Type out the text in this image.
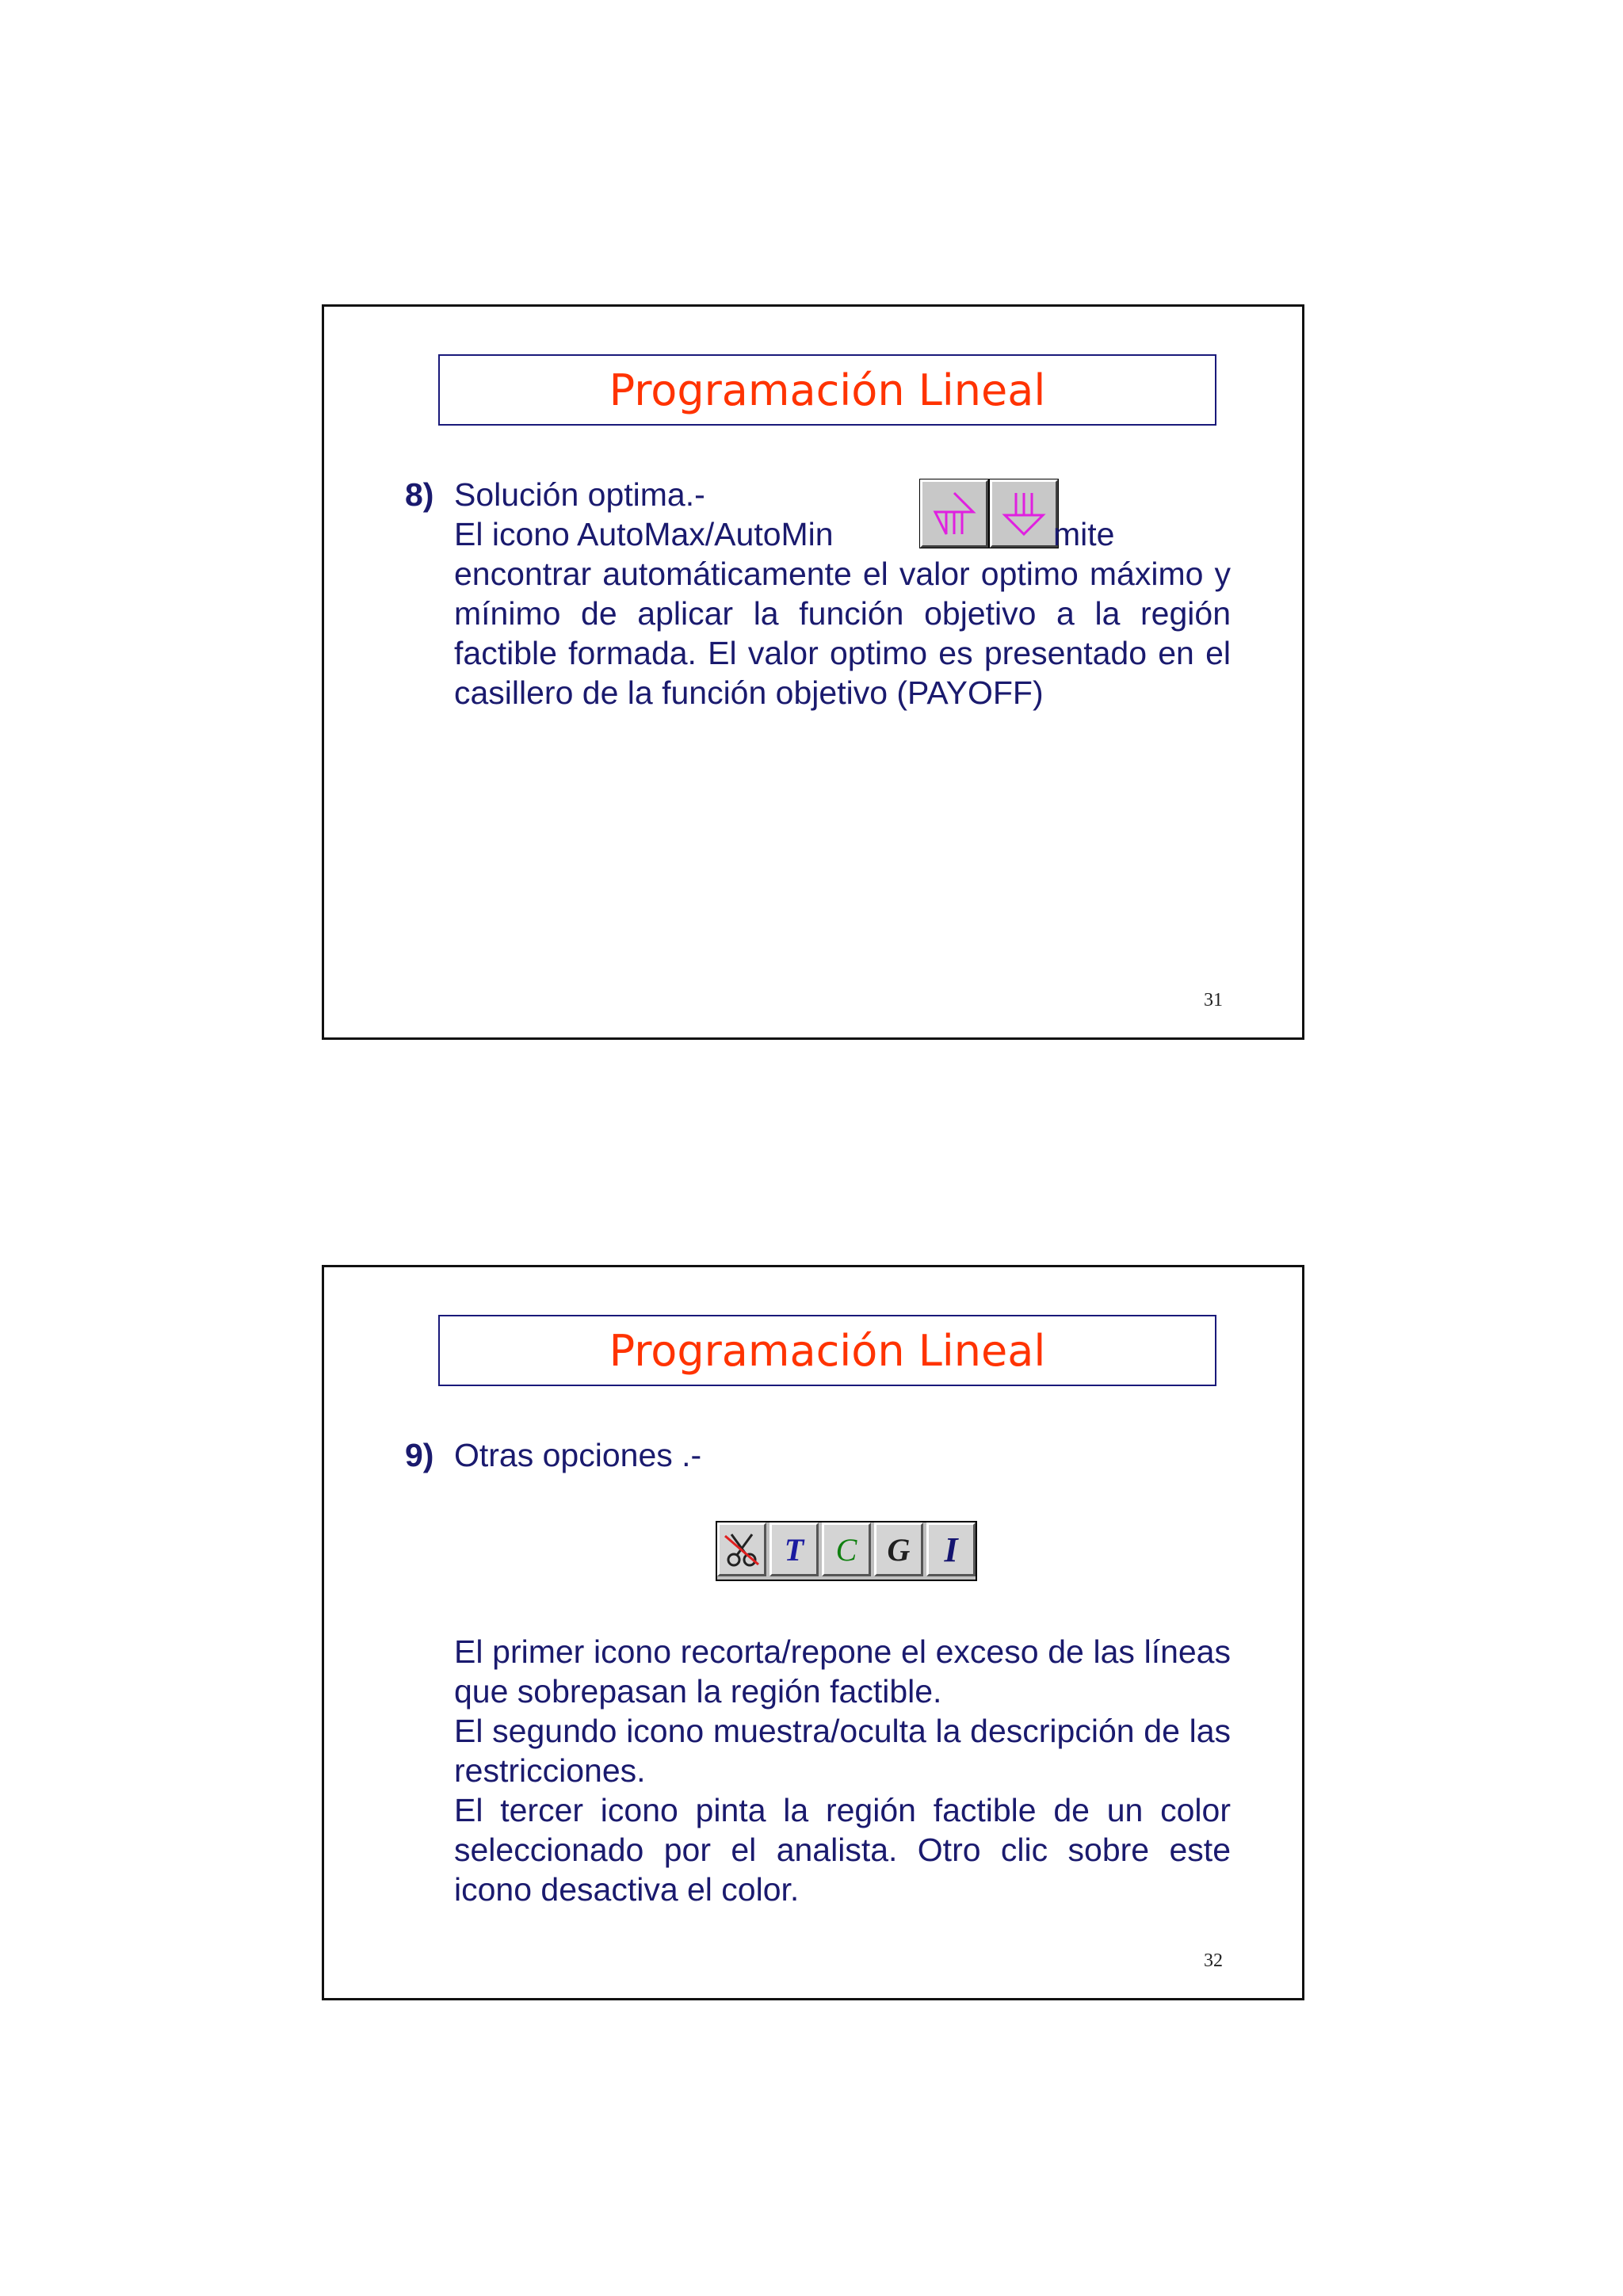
Programación Lineal
8) Solución optima.-
El icono AutoMax/AutoMin	mite
encontrar automáticamente el valor optimo máximo y mínimo de aplicar la función objetivo a la región factible formada. El valor optimo es presentado en el casillero de la función objetivo (PAYOFF)
31
Programación Lineal
9) Otras opciones .-
T	C G I
El primer icono recorta/repone el exceso de las líneas que sobrepasan la región factible.
El segundo icono muestra/oculta la descripción de las restricciones.
El tercer icono pinta la región factible de un color seleccionado por el analista. Otro clic sobre este icono desactiva el color.
32
